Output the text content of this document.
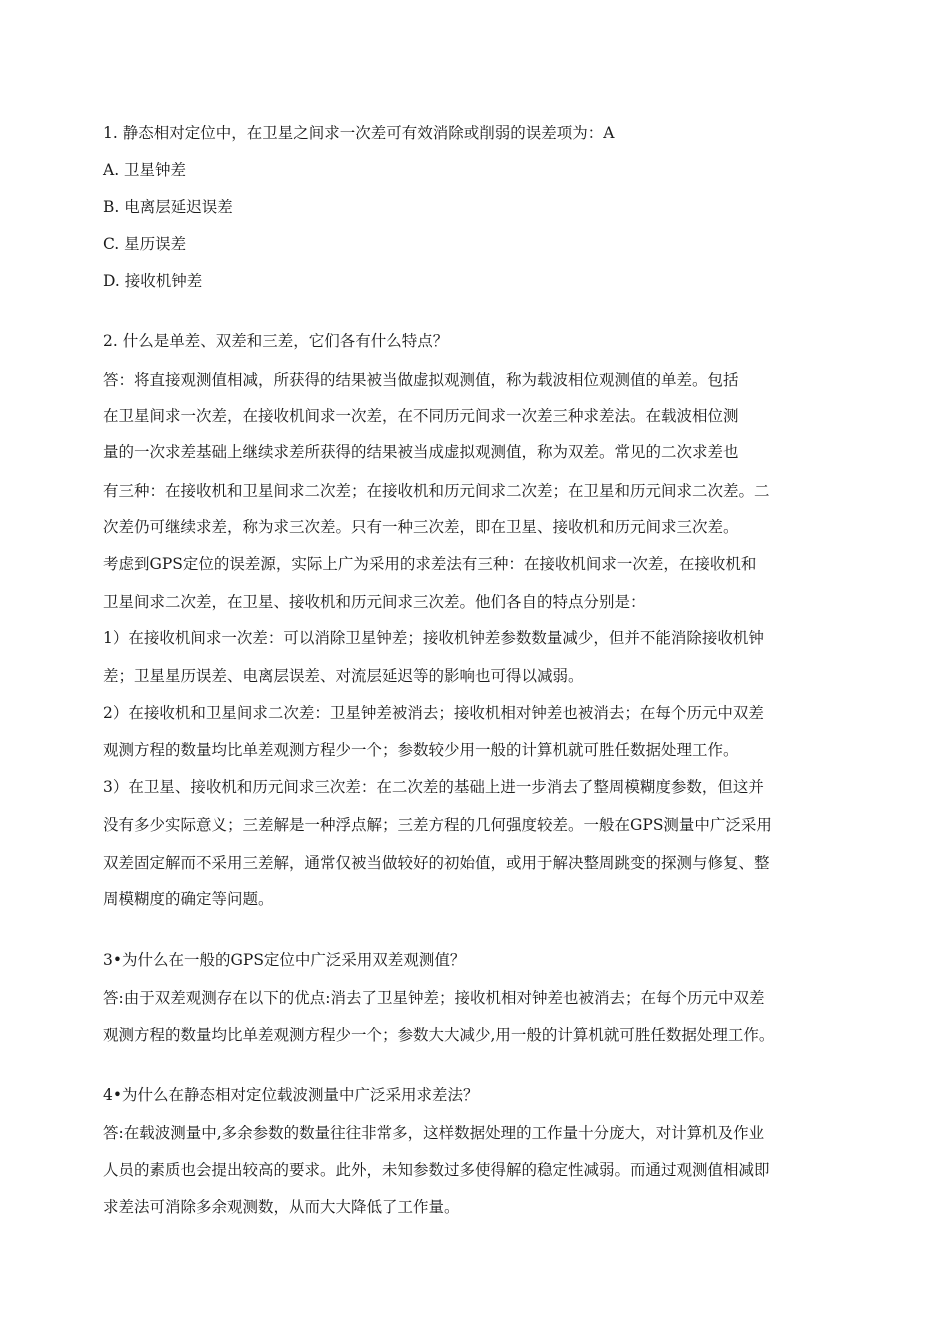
1. 静态相对定位中，在卫星之间求一次差可有效消除或削弱的误差项为：A

A. 卫星钟差

B. 电离层延迟误差

C. 星历误差

D. 接收机钟差

2. 什么是单差、双差和三差，它们各有什么特点？

答：将直接观测值相减，所获得的结果被当做虚拟观测值，称为载波相位观测值的单差。包括

在卫星间求一次差，在接收机间求一次差，在不同历元间求一次差三种求差法。在载波相位测

量的一次求差基础上继续求差所获得的结果被当成虚拟观测值，称为双差。常见的二次求差也

有三种：在接收机和卫星间求二次差；在接收机和历元间求二次差；在卫星和历元间求二次差。二

次差仍可继续求差，称为求三次差。只有一种三次差，即在卫星、接收机和历元间求三次差。

考虑到GPS定位的误差源，实际上广为采用的求差法有三种：在接收机间求一次差，在接收机和

卫星间求二次差，在卫星、接收机和历元间求三次差。他们各自的特点分别是：

1）在接收机间求一次差：可以消除卫星钟差；接收机钟差参数数量减少，但并不能消除接收机钟

差；卫星星历误差、电离层误差、对流层延迟等的影响也可得以减弱。

2）在接收机和卫星间求二次差：卫星钟差被消去；接收机相对钟差也被消去；在每个历元中双差

观测方程的数量均比单差观测方程少一个；参数较少用一般的计算机就可胜任数据处理工作。

3）在卫星、接收机和历元间求三次差：在二次差的基础上进一步消去了整周模糊度参数，但这并

没有多少实际意义；三差解是一种浮点解；三差方程的几何强度较差。一般在GPS测量中广泛采用

双差固定解而不采用三差解，通常仅被当做较好的初始值，或用于解决整周跳变的探测与修复、整

周模糊度的确定等问题。

3•为什么在一般的GPS定位中广泛采用双差观测值？

答:由于双差观测存在以下的优点:消去了卫星钟差；接收机相对钟差也被消去；在每个历元中双差

观测方程的数量均比单差观测方程少一个；参数大大减少,用一般的计算机就可胜任数据处理工作。

4•为什么在静态相对定位载波测量中广泛采用求差法？

答:在载波测量中,多余参数的数量往往非常多，这样数据处理的工作量十分庞大，对计算机及作业

人员的素质也会提出较高的要求。此外，未知参数过多使得解的稳定性减弱。而通过观测值相减即

求差法可消除多余观测数，从而大大降低了工作量。
